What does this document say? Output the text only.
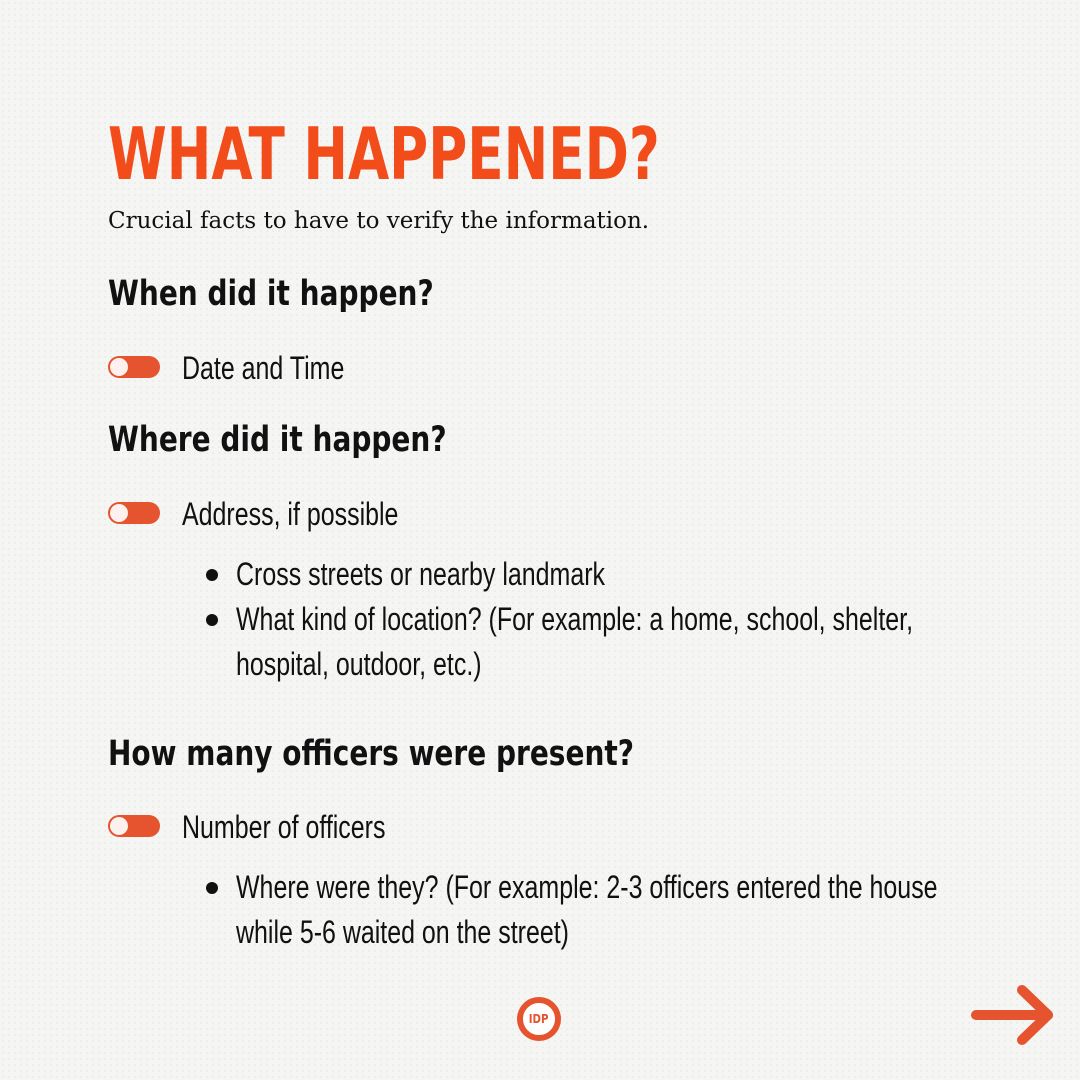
WHAT HAPPENED?
Crucial facts to have to verify the information.
When did it happen?
Date and Time
Where did it happen?
Address, if possible
Cross streets or nearby landmark
What kind of location? (For example: a home, school, shelter,
hospital, outdoor, etc.)
How many officers were present?
Number of officers
Where were they? (For example: 2-3 officers entered the house
while 5-6 waited on the street)
IDP
